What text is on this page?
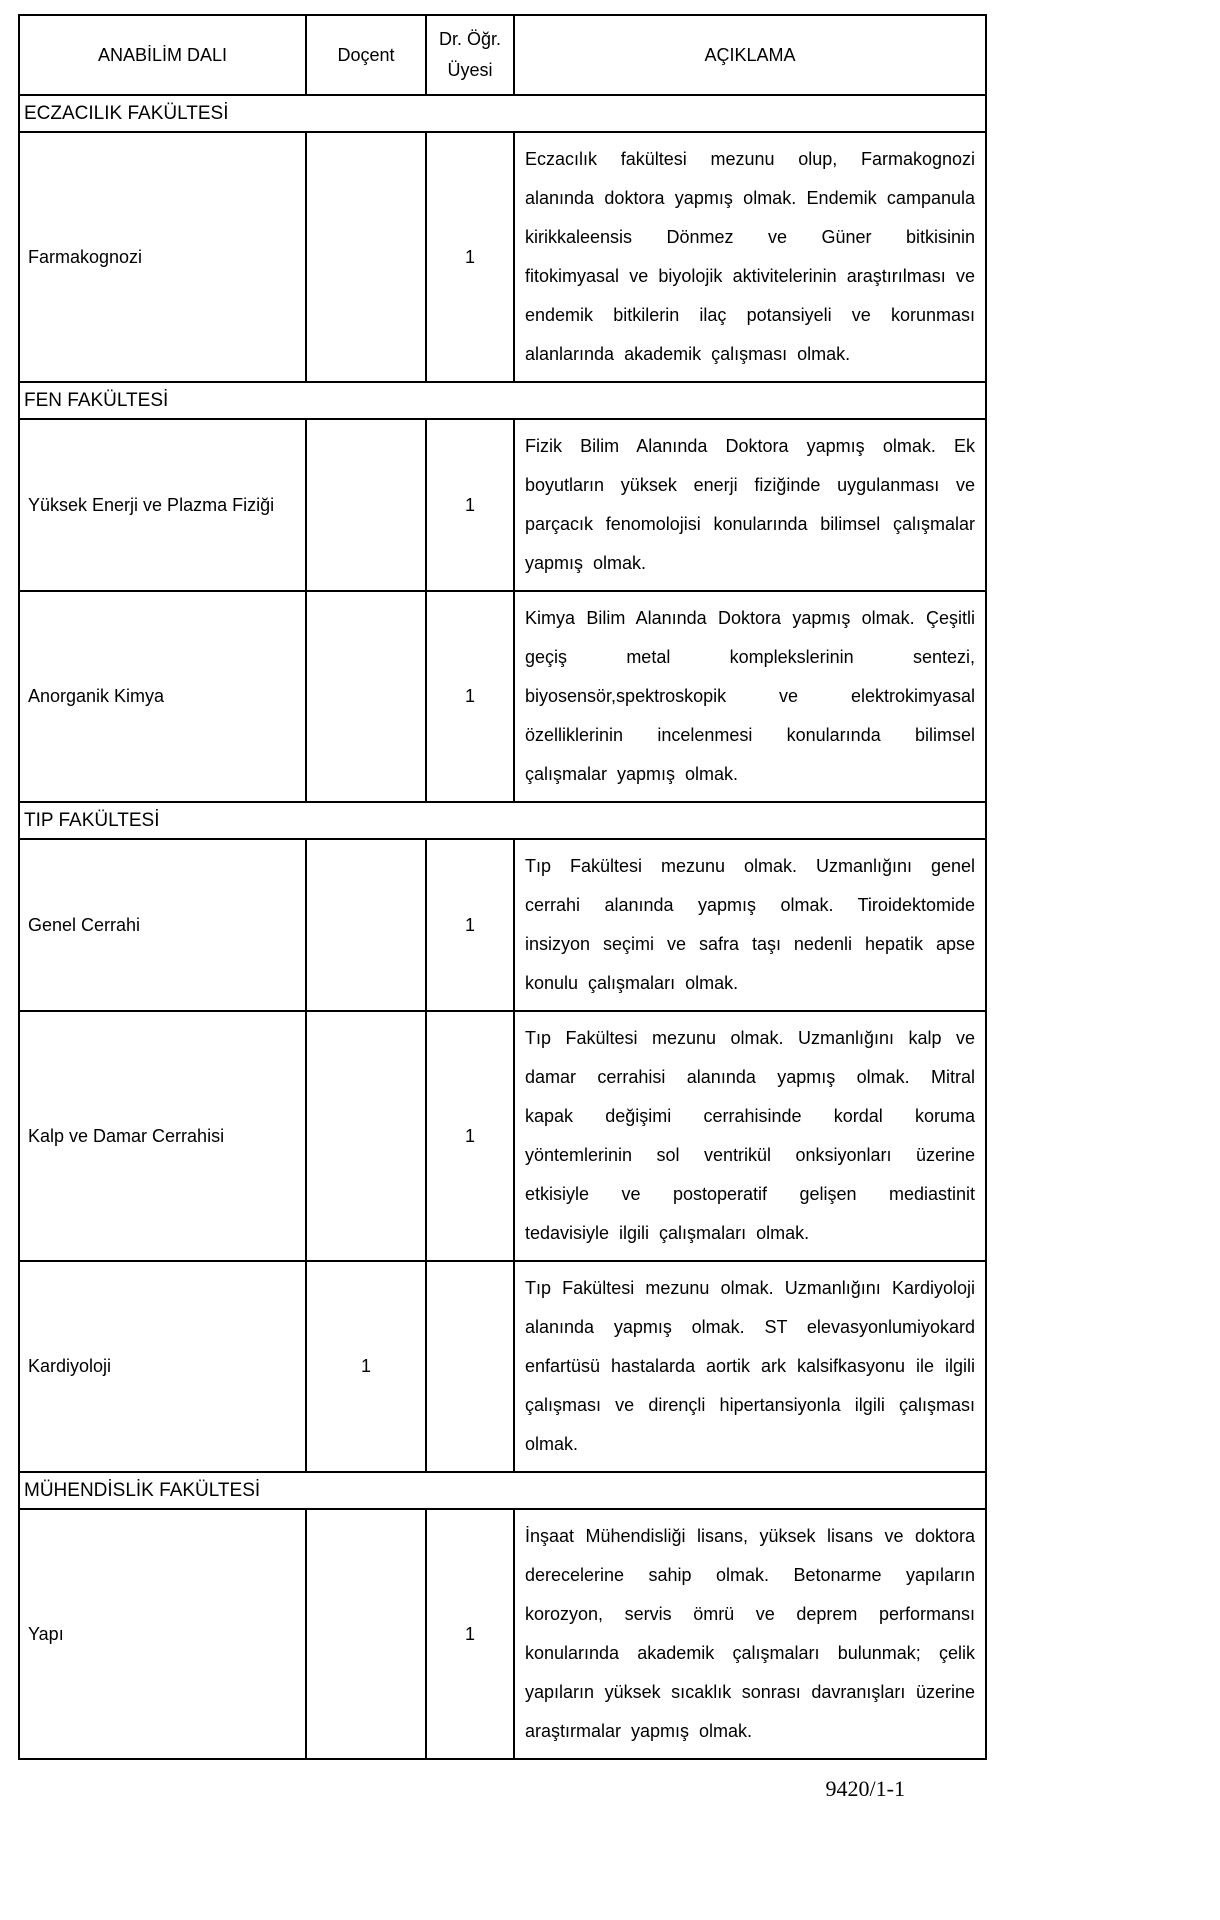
ANABİLİM DALI	Doçent	Dr. Öğr. Üyesi	AÇIKLAMA
ECZACILIK FAKÜLTESİ			
Farmakognozi		1	Eczacılık fakültesi mezunu olup, Farmakognozi alanında doktora yapmış olmak. Endemik campanula kirikkaleensis Dönmez ve Güner bitkisinin fitokimyasal ve biyolojik aktivitelerinin araştırılması ve endemik bitkilerin ilaç potansiyeli ve korunması alanlarında akademik çalışması olmak.
FEN FAKÜLTESİ			
Yüksek Enerji ve Plazma Fiziği		1	Fizik Bilim Alanında Doktora yapmış olmak. Ek boyutların yüksek enerji fiziğinde uygulanması ve parçacık fenomolojisi konularında bilimsel çalışmalar yapmış olmak.
Anorganik Kimya		1	Kimya Bilim Alanında Doktora yapmış olmak. Çeşitli geçiş metal komplekslerinin sentezi, biyosensör,spektroskopik ve elektrokimyasal özelliklerinin incelenmesi konularında bilimsel çalışmalar yapmış olmak.
TIP FAKÜLTESİ			
Genel Cerrahi		1	Tıp Fakültesi mezunu olmak. Uzmanlığını genel cerrahi alanında yapmış olmak. Tiroidektomide insizyon seçimi ve safra taşı nedenli hepatik apse konulu çalışmaları olmak.
Kalp ve Damar Cerrahisi		1	Tıp Fakültesi mezunu olmak. Uzmanlığını kalp ve damar cerrahisi alanında yapmış olmak. Mitral kapak değişimi cerrahisinde kordal koruma yöntemlerinin sol ventrikül onksiyonları üzerine etkisiyle ve postoperatif gelişen mediastinit tedavisiyle ilgili çalışmaları olmak.
Kardiyoloji	1		Tıp Fakültesi mezunu olmak. Uzmanlığını Kardiyoloji alanında yapmış olmak. ST elevasyonlumiyokard enfartüsü hastalarda aortik ark kalsifkasyonu ile ilgili çalışması ve dirençli hipertansiyonla ilgili çalışması olmak.
MÜHENDİSLİK FAKÜLTESİ			
Yapı		1	İnşaat Mühendisliği lisans, yüksek lisans ve doktora derecelerine sahip olmak. Betonarme yapıların korozyon, servis ömrü ve deprem performansı konularında akademik çalışmaları bulunmak; çelik yapıların yüksek sıcaklık sonrası davranışları üzerine araştırmalar yapmış olmak.
9420/1-1
